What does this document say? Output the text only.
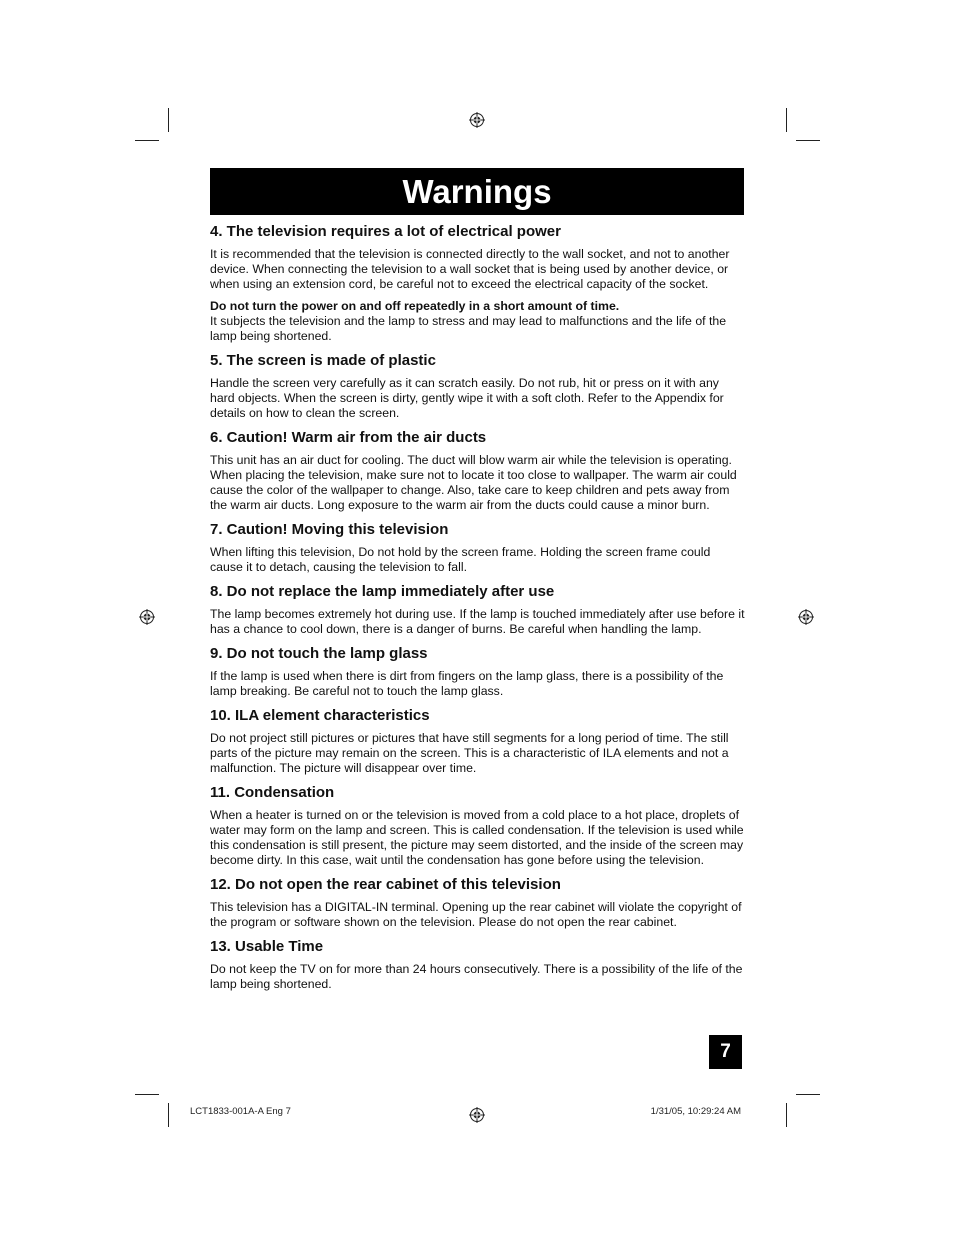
Warnings
4. The television requires a lot of electrical power

It is recommended that the television is connected directly to the wall socket, and not to another device. When connecting the television to a wall socket that is being used by another device, or when using an extension cord, be careful not to exceed the electrical capacity of the socket.

Do not turn the power on and off repeatedly in a short amount of time.

It subjects the television and the lamp to stress and may lead to malfunctions and the life of the lamp being shortened.

5. The screen is made of plastic

Handle the screen very carefully as it can scratch easily. Do not rub, hit or press on it with any hard objects. When the screen is dirty, gently wipe it with a soft cloth. Refer to the Appendix for details on how to clean the screen.

6. Caution! Warm air from the air ducts

This unit has an air duct for cooling. The duct will blow warm air while the television is operating. When placing the television, make sure not to locate it too close to wallpaper. The warm air could cause the color of the wallpaper to change. Also, take care to keep children and pets away from the warm air ducts. Long exposure to the warm air from the ducts could cause a minor burn.

7. Caution! Moving this television

When lifting this television, Do not hold by the screen frame. Holding the screen frame could cause it to detach, causing the television to fall.

8. Do not replace the lamp immediately after use

The lamp becomes extremely hot during use. If the lamp is touched immediately after use before it has a chance to cool down, there is a danger of burns. Be careful when handling the lamp.

9. Do not touch the lamp glass

If the lamp is used when there is dirt from fingers on the lamp glass, there is a possibility of the lamp breaking. Be careful not to touch the lamp glass.

10. ILA element characteristics

Do not project still pictures or pictures that have still segments for a long period of time. The still parts of the picture may remain on the screen. This is a characteristic of ILA elements and not a malfunction. The picture will disappear over time.

11. Condensation

When a heater is turned on or the television is moved from a cold place to a hot place, droplets of water may form on the lamp and screen. This is called condensation. If the television is used while this condensation is still present, the picture may seem distorted, and the inside of the screen may become dirty. In this case, wait until the condensation has gone before using the television.

12. Do not open the rear cabinet of this television

This television has a DIGITAL-IN terminal. Opening up the rear cabinet will violate the copyright of the program or software shown on the television. Please do not open the rear cabinet.

13. Usable Time

Do not keep the TV on for more than 24 hours consecutively. There is a possibility of the life of the lamp being shortened.

7
LCT1833-001A-A Eng 7	1/31/05, 10:29:24 AM
